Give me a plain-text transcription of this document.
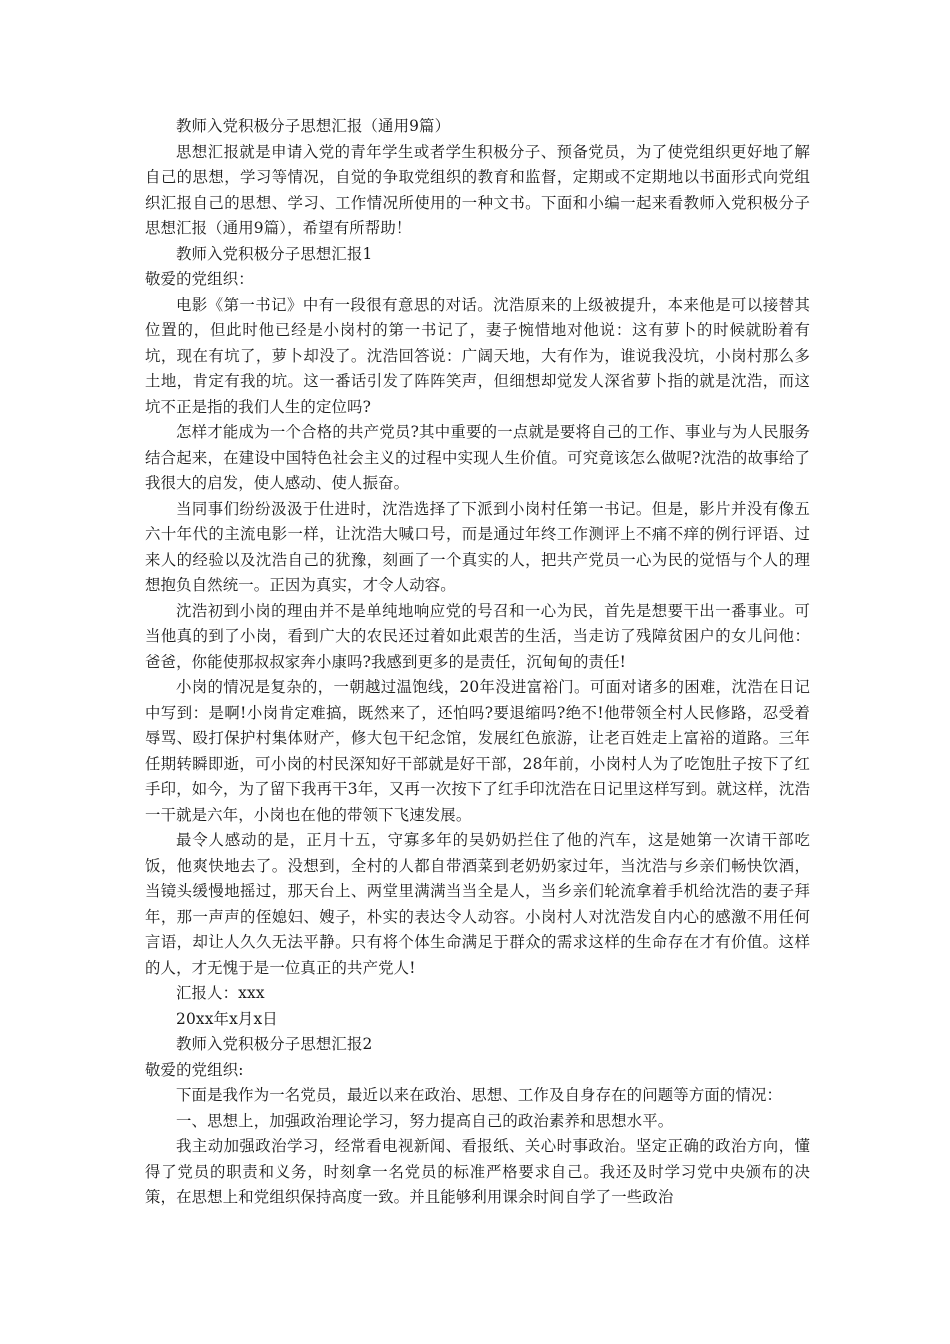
教师入党积极分子思想汇报（通用9篇）

思想汇报就是申请入党的青年学生或者学生积极分子、预备党员，为了使党组织更好地了解自己的思想，学习等情况，自觉的争取党组织的教育和监督，定期或不定期地以书面形式向党组织汇报自己的思想、学习、工作情况所使用的一种文书。下面和小编一起来看教师入党积极分子思想汇报（通用9篇），希望有所帮助！

教师入党积极分子思想汇报1

敬爱的党组织：

电影《第一书记》中有一段很有意思的对话。沈浩原来的上级被提升，本来他是可以接替其位置的，但此时他已经是小岗村的第一书记了，妻子惋惜地对他说：这有萝卜的时候就盼着有坑，现在有坑了，萝卜却没了。沈浩回答说：广阔天地，大有作为，谁说我没坑，小岗村那么多土地，肯定有我的坑。这一番话引发了阵阵笑声，但细想却觉发人深省萝卜指的就是沈浩，而这坑不正是指的我们人生的定位吗?

怎样才能成为一个合格的共产党员?其中重要的一点就是要将自己的工作、事业与为人民服务结合起来，在建设中国特色社会主义的过程中实现人生价值。可究竟该怎么做呢?沈浩的故事给了我很大的启发，使人感动、使人振奋。

当同事们纷纷汲汲于仕进时，沈浩选择了下派到小岗村任第一书记。但是，影片并没有像五六十年代的主流电影一样，让沈浩大喊口号，而是通过年终工作测评上不痛不痒的例行评语、过来人的经验以及沈浩自己的犹豫，刻画了一个真实的人，把共产党员一心为民的觉悟与个人的理想抱负自然统一。正因为真实，才令人动容。

沈浩初到小岗的理由并不是单纯地响应党的号召和一心为民，首先是想要干出一番事业。可当他真的到了小岗，看到广大的农民还过着如此艰苦的生活，当走访了残障贫困户的女儿问他：爸爸，你能使那叔叔家奔小康吗?我感到更多的是责任，沉甸甸的责任!

小岗的情况是复杂的，一朝越过温饱线，20年没进富裕门。可面对诸多的困难，沈浩在日记中写到：是啊!小岗肯定难搞，既然来了，还怕吗?要退缩吗?绝不!他带领全村人民修路，忍受着辱骂、殴打保护村集体财产，修大包干纪念馆，发展红色旅游，让老百姓走上富裕的道路。三年任期转瞬即逝，可小岗的村民深知好干部就是好干部，28年前，小岗村人为了吃饱肚子按下了红手印，如今，为了留下我再干3年，又再一次按下了红手印沈浩在日记里这样写到。就这样，沈浩一干就是六年，小岗也在他的带领下飞速发展。

最令人感动的是，正月十五，守寡多年的吴奶奶拦住了他的汽车，这是她第一次请干部吃饭，他爽快地去了。没想到，全村的人都自带酒菜到老奶奶家过年，当沈浩与乡亲们畅快饮酒，当镜头缓慢地摇过，那天台上、两堂里满满当当全是人，当乡亲们轮流拿着手机给沈浩的妻子拜年，那一声声的侄媳妇、嫂子，朴实的表达令人动容。小岗村人对沈浩发自内心的感激不用任何言语，却让人久久无法平静。只有将个体生命满足于群众的需求这样的生命存在才有价值。这样的人，才无愧于是一位真正的共产党人!

汇报人：xxx

20xx年x月x日

教师入党积极分子思想汇报2

敬爱的党组织:

下面是我作为一名党员，最近以来在政治、思想、工作及自身存在的问题等方面的情况：

一、思想上，加强政治理论学习，努力提高自己的政治素养和思想水平。

我主动加强政治学习，经常看电视新闻、看报纸、关心时事政治。坚定正确的政治方向，懂得了党员的职责和义务，时刻拿一名党员的标准严格要求自己。我还及时学习党中央颁布的决策，在思想上和党组织保持高度一致。并且能够利用课余时间自学了一些政治
